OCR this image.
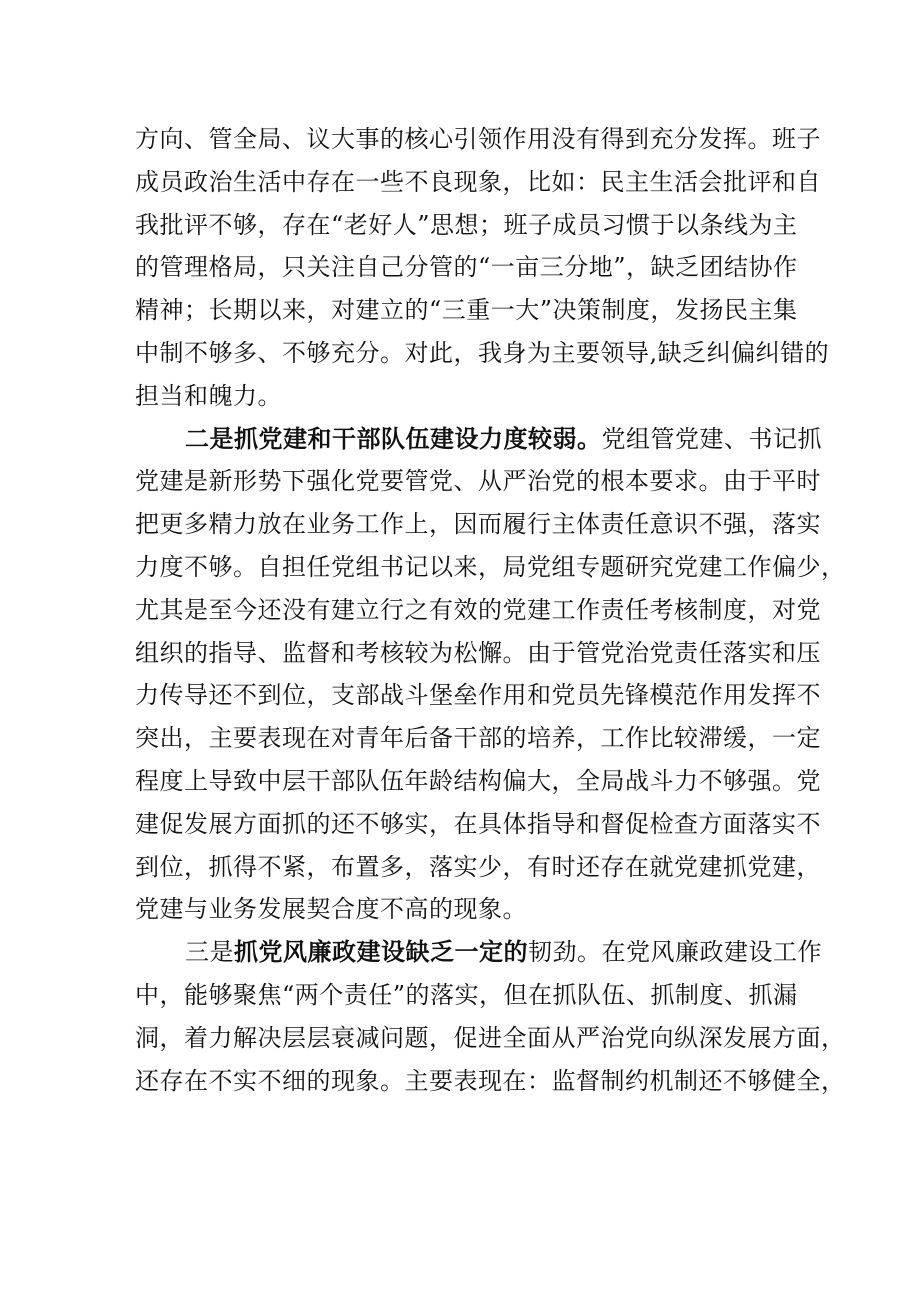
方向、管全局、议大事的核心引领作用没有得到充分发挥。班子
成员政治生活中存在一些不良现象，比如：民主生活会批评和自
我批评不够，存在“老好人”思想；班子成员习惯于以条线为主
的管理格局，只关注自己分管的“一亩三分地”，缺乏团结协作
精神；长期以来，对建立的“三重一大”决策制度，发扬民主集
中制不够多、不够充分。对此，我身为主要领导,缺乏纠偏纠错的
担当和魄力。
二是抓党建和干部队伍建设力度较弱。党组管党建、书记抓
党建是新形势下强化党要管党、从严治党的根本要求。由于平时
把更多精力放在业务工作上，因而履行主体责任意识不强，落实
力度不够。自担任党组书记以来，局党组专题研究党建工作偏少，
尤其是至今还没有建立行之有效的党建工作责任考核制度，对党
组织的指导、监督和考核较为松懈。由于管党治党责任落实和压
力传导还不到位，支部战斗堡垒作用和党员先锋模范作用发挥不
突出，主要表现在对青年后备干部的培养，工作比较滞缓，一定
程度上导致中层干部队伍年龄结构偏大，全局战斗力不够强。党
建促发展方面抓的还不够实，在具体指导和督促检查方面落实不
到位，抓得不紧，布置多，落实少，有时还存在就党建抓党建，
党建与业务发展契合度不高的现象。
三是抓党风廉政建设缺乏一定的韧劲。在党风廉政建设工作
中，能够聚焦“两个责任”的落实，但在抓队伍、抓制度、抓漏
洞，着力解决层层衰减问题，促进全面从严治党向纵深发展方面，
还存在不实不细的现象。主要表现在：监督制约机制还不够健全，
